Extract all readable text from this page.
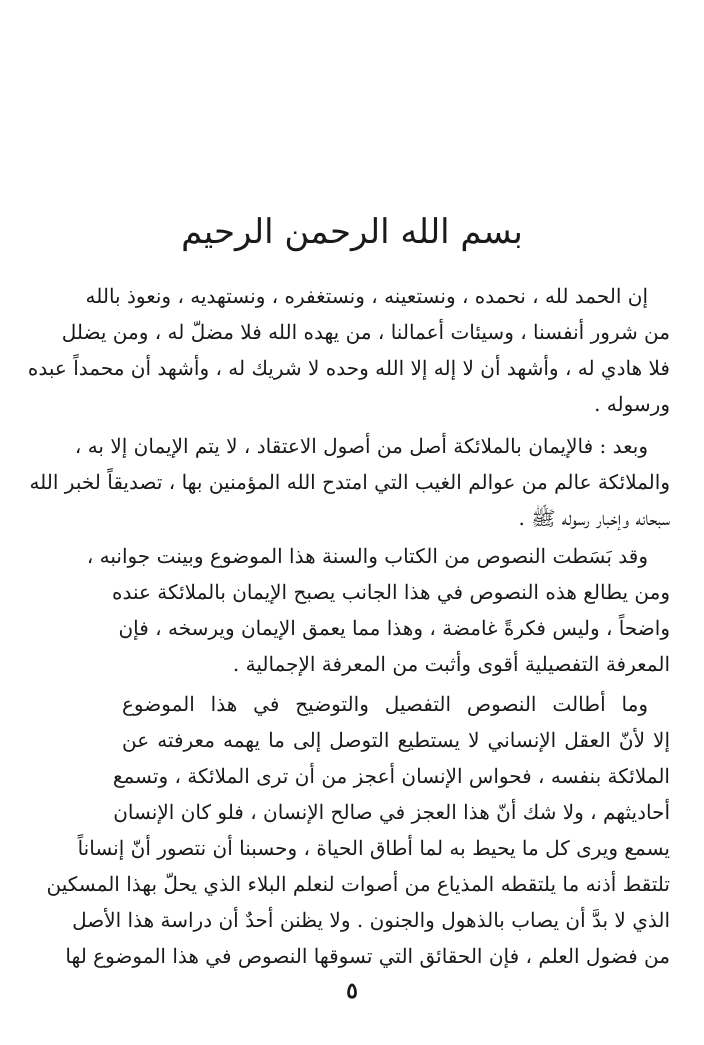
بسم الله الرحمن الرحيم
إن الحمد لله ، نحمده ، ونستعينه ، ونستغفره ، ونستهديه ، ونعوذ بالله
من شرور أنفسنا ، وسيئات أعمالنا ، من يهده الله فلا مضلّ له ، ومن يضلل
فلا هادي له ، وأشهد أن لا إله إلا الله وحده لا شريك له ، وأشهد أن محمداً عبده
ورسوله .
وبعد : فالإيمان بالملائكة أصل من أصول الاعتقاد ، لا يتم الإيمان إلا به ،
والملائكة عالم من عوالم الغيب التي امتدح الله المؤمنين بها ، تصديقاً لخبر الله
سبحانه وإخبار رسوله ﷺ .
وقد بَسَطت النصوص من الكتاب والسنة هذا الموضوع وبينت جوانبه ،
ومن يطالع هذه النصوص في هذا الجانب يصبح الإيمان بالملائكة عنده
واضحاً ، وليس فكرةً غامضة ، وهذا مما يعمق الإيمان ويرسخه ، فإن
المعرفة التفصيلية أقوى وأثبت من المعرفة الإجمالية .
وما أطالت النصوص التفصيل والتوضيح في هذا الموضوع
إلا لأنّ العقل الإنساني لا يستطيع التوصل إلى ما يهمه معرفته عن
الملائكة بنفسه ، فحواس الإنسان أعجز من أن ترى الملائكة ، وتسمع
أحاديثهم ، ولا شك أنّ هذا العجز في صالح الإنسان ، فلو كان الإنسان
يسمع ويرى كل ما يحيط به لما أطاق الحياة ، وحسبنا أن نتصور أنّ إنساناً
تلتقط أذنه ما يلتقطه المذياع من أصوات لنعلم البلاء الذي يحلّ بهذا المسكين
الذي لا بدَّ أن يصاب بالذهول والجنون . ولا يظنن أحدٌ أن دراسة هذا الأصل
من فضول العلم ، فإن الحقائق التي تسوقها النصوص في هذا الموضوع لها
٥
